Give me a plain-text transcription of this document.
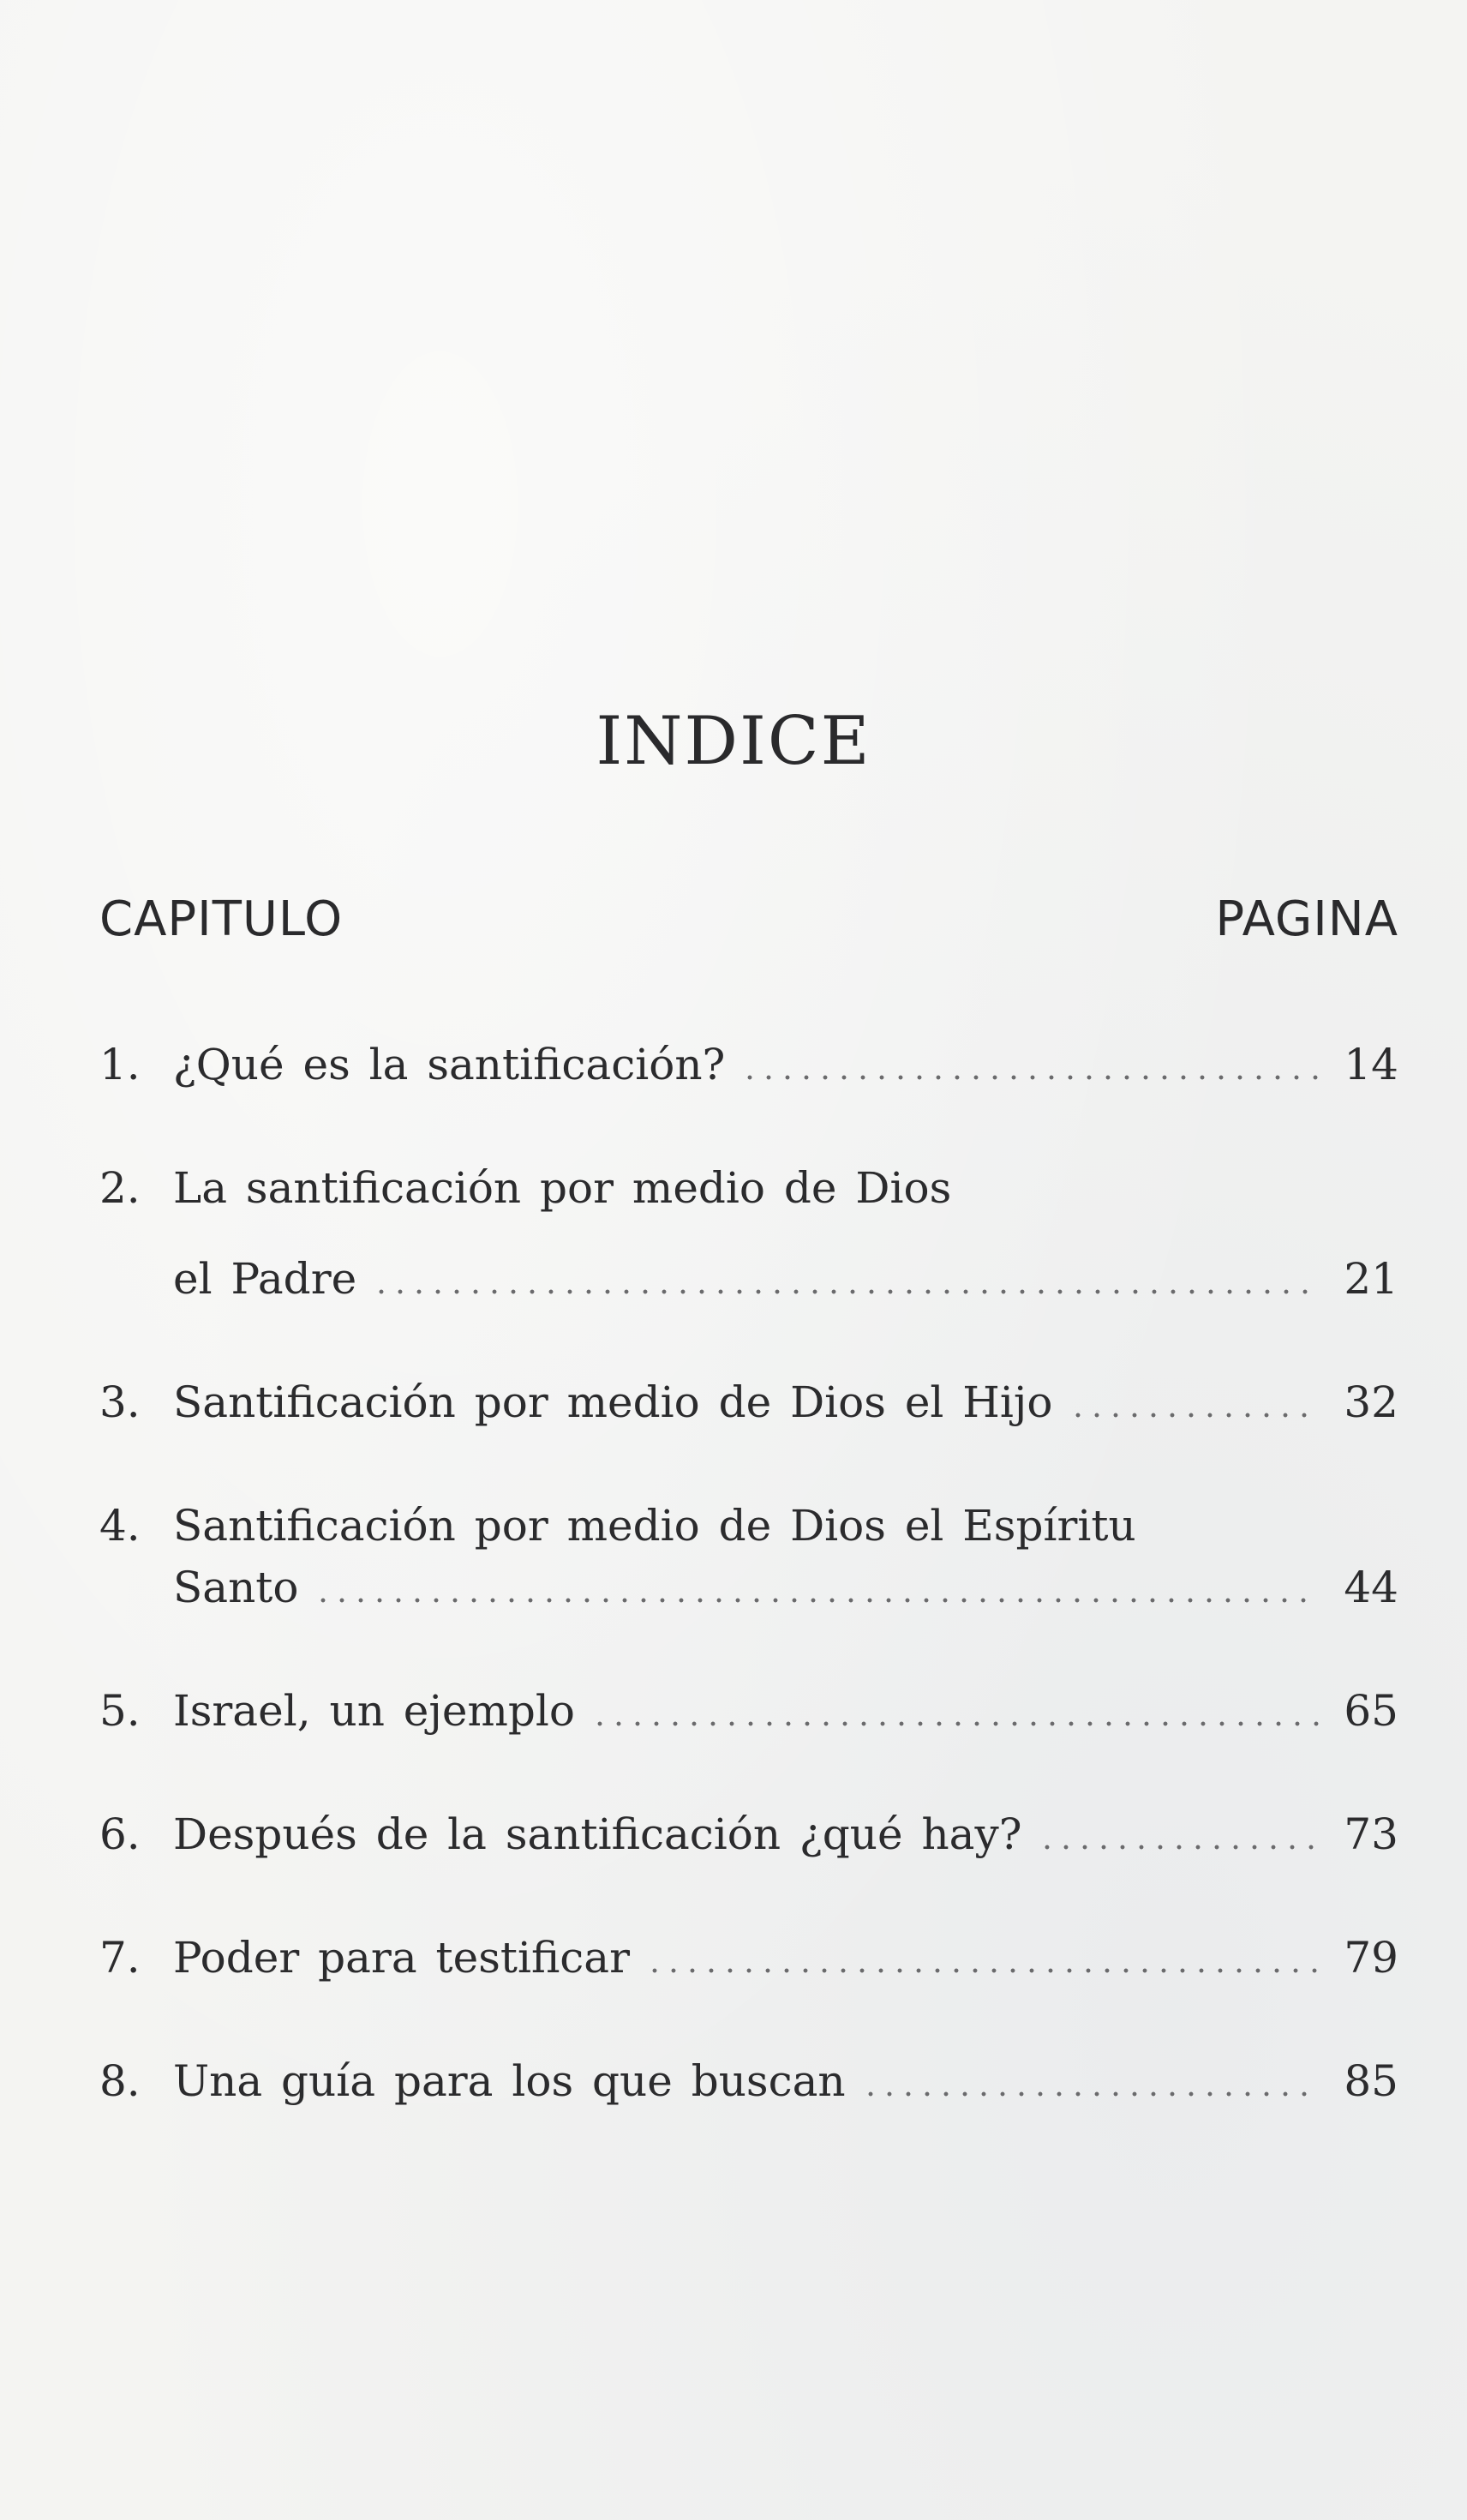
INDICE
CAPITULO	PAGINA
1. ¿Qué es la santificación?	14
2. La santificación por medio de Dios
el Padre	21
3. Santificación por medio de Dios el Hijo	32
4. Santificación por medio de Dios el Espíritu
Santo	44
5. Israel, un ejemplo	65
6. Después de la santificación ¿qué hay?	73
7. Poder para testificar	79
8. Una guía para los que buscan	85
